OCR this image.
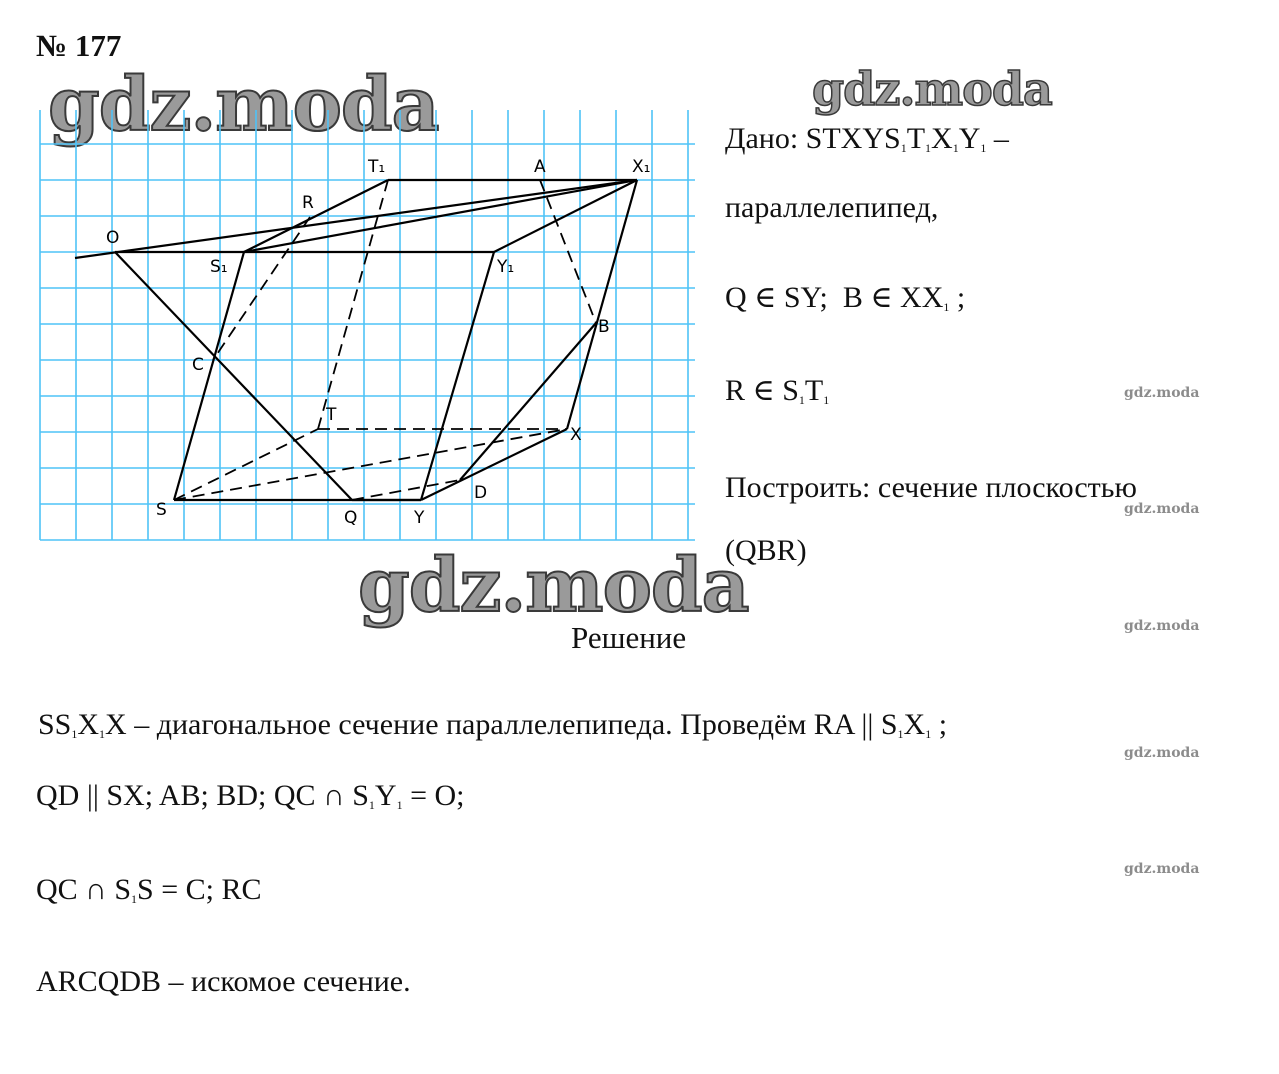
№ 177
gdz.moda	gdz.moda
gdz.moda
gdz.moda
gdz.moda
gdz.moda
gdz.moda
gdz.moda
T₁	A	X₁
R
O
S₁	Y₁
B
C
T
X
S	Q	Y
D
Дано: $STXYS_1T_1X_1Y_1$ –
параллелепипед,
Q ∈ SY; B ∈ $XX_1$ ;
R ∈ $S_1T_1$
Построить: сечение плоскостью
(QBR)
Решение
$SS_1X_1X$ – диагональное сечение параллелепипеда. Проведём RA || $S_1X_1$ ;
QD || SX; AB; BD; QC ∩ $S_1Y_1 = O$;
QC ∩ $S_1S = C$; RC
ARCQDB – искомое сечение.
